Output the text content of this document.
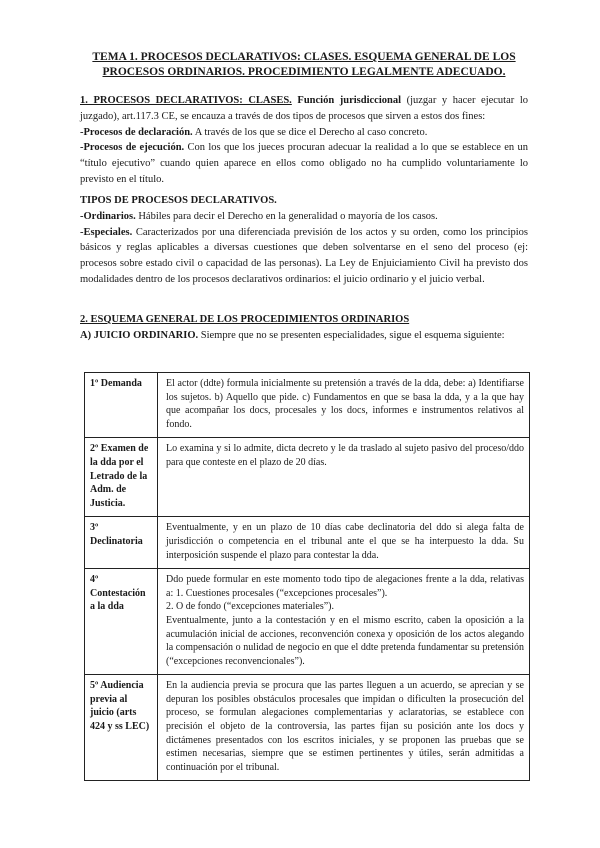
TEMA 1. PROCESOS DECLARATIVOS: CLASES. ESQUEMA GENERAL DE LOS
PROCESOS ORDINARIOS. PROCEDIMIENTO LEGALMENTE ADECUADO.

1. PROCESOS DECLARATIVOS: CLASES. Función jurisdiccional (juzgar y hacer ejecutar lo juzgado), art.117.3 CE, se encauza a través de dos tipos de procesos que sirven a estos dos fines:

-Procesos de declaración. A través de los que se dice el Derecho al caso concreto.

-Procesos de ejecución. Con los que los jueces procuran adecuar la realidad a lo que se establece en un “título ejecutivo” cuando quien aparece en ellos como obligado no ha cumplido voluntariamente lo previsto en el título.

TIPOS DE PROCESOS DECLARATIVOS.

-Ordinarios. Hábiles para decir el Derecho en la generalidad o mayoría de los casos.

-Especiales. Caracterizados por una diferenciada previsión de los actos y su orden, como los principios básicos y reglas aplicables a diversas cuestiones que deben solventarse en el seno del proceso (ej: procesos sobre estado civil o capacidad de las personas). La Ley de Enjuiciamiento Civil ha previsto dos modalidades dentro de los procesos declarativos ordinarios: el juicio ordinario y el juicio verbal.

2. ESQUEMA GENERAL DE LOS PROCEDIMIENTOS ORDINARIOS

A) JUICIO ORDINARIO. Siempre que no se presenten especialidades, sigue el esquema siguiente:

1º Demanda	El actor (ddte) formula inicialmente su pretensión a través de la dda, debe: a) Identifiarse los sujetos. b) Aquello que pide. c) Fundamentos en que se basa la dda, y a la que hay que acompañar los docs, procesales y los docs, informes e instrumentos relativos al fondo.

2º Examen de la dda por el Letrado de la Adm. de Justicia.	Lo examina y si lo admite, dicta decreto y le da traslado al sujeto pasivo del proceso/ddo para que conteste en el plazo de 20 días.

3º Declinatoria	Eventualmente, y en un plazo de 10 días cabe declinatoria del ddo si alega falta de jurisdicción o competencia en el tribunal ante el que se ha interpuesto la dda. Su interposición suspende el plazo para contestar la dda.

4º Contestación a la dda	Ddo puede formular en este momento todo tipo de alegaciones frente a la dda, relativas a: 1. Cuestiones procesales (“excepciones procesales”).

2. O de fondo (“excepciones materiales”).

Eventualmente, junto a la contestación y en el mismo escrito, caben la oposición a la acumulación inicial de acciones, reconvención conexa y oposición de los actos alegando la compensación o nulidad de negocio en que el ddte pretenda fundamentar su pretensión (“excepciones reconvencionales”).

5º Audiencia previa al juicio (arts 424 y ss LEC)	En la audiencia previa se procura que las partes lleguen a un acuerdo, se aprecian y se depuran los posibles obstáculos procesales que impidan o dificulten la prosecución del proceso, se formulan alegaciones complementarias y aclaratorias, se establece con precisión el objeto de la controversia, las partes fijan su posición ante los docs y dictámenes presentados con los escritos iniciales, y se proponen las pruebas que se estimen necesarias, siempre que se estimen pertinentes y útiles, serán admitidas a continuación por el tribunal.
